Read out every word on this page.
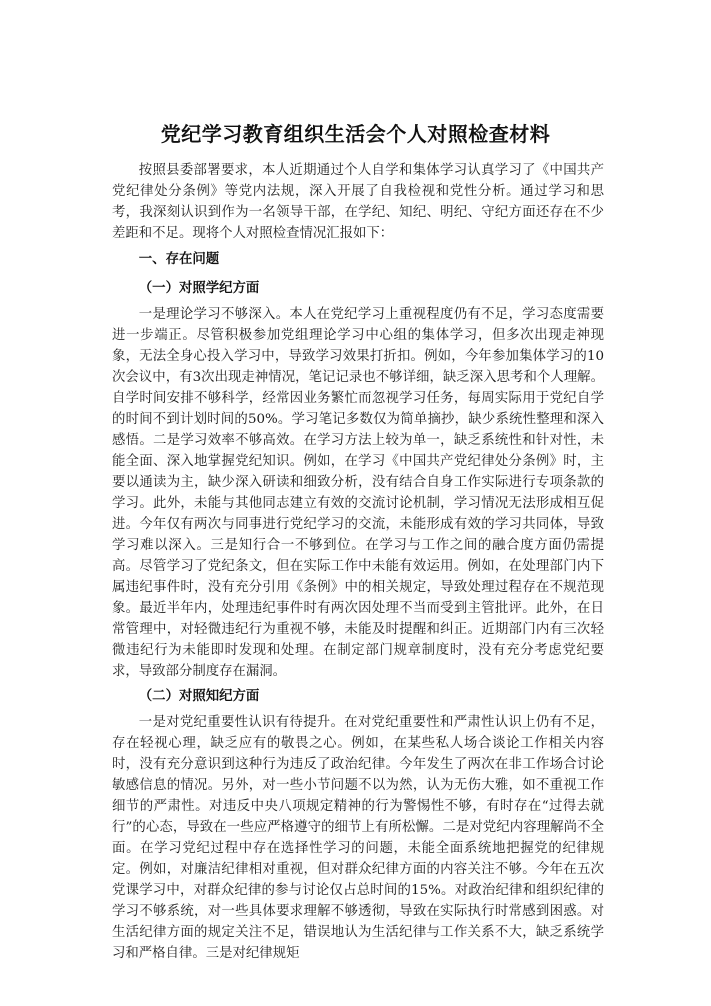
党纪学习教育组织生活会个人对照检查材料

按照县委部署要求，本人近期通过个人自学和集体学习认真学习了《中国共产党纪律处分条例》等党内法规，深入开展了自我检视和党性分析。通过学习和思考，我深刻认识到作为一名领导干部，在学纪、知纪、明纪、守纪方面还存在不少差距和不足。现将个人对照检查情况汇报如下：

一、存在问题

（一）对照学纪方面

一是理论学习不够深入。本人在党纪学习上重视程度仍有不足，学习态度需要进一步端正。尽管积极参加党组理论学习中心组的集体学习，但多次出现走神现象，无法全身心投入学习中，导致学习效果打折扣。例如，今年参加集体学习的10次会议中，有3次出现走神情况，笔记记录也不够详细，缺乏深入思考和个人理解。自学时间安排不够科学，经常因业务繁忙而忽视学习任务，每周实际用于党纪自学的时间不到计划时间的50%。学习笔记多数仅为简单摘抄，缺少系统性整理和深入感悟。二是学习效率不够高效。在学习方法上较为单一，缺乏系统性和针对性，未能全面、深入地掌握党纪知识。例如，在学习《中国共产党纪律处分条例》时，主要以通读为主，缺少深入研读和细致分析，没有结合自身工作实际进行专项条款的学习。此外，未能与其他同志建立有效的交流讨论机制，学习情况无法形成相互促进。今年仅有两次与同事进行党纪学习的交流，未能形成有效的学习共同体，导致学习难以深入。三是知行合一不够到位。在学习与工作之间的融合度方面仍需提高。尽管学习了党纪条文，但在实际工作中未能有效运用。例如，在处理部门内下属违纪事件时，没有充分引用《条例》中的相关规定，导致处理过程存在不规范现象。最近半年内，处理违纪事件时有两次因处理不当而受到主管批评。此外，在日常管理中，对轻微违纪行为重视不够，未能及时提醒和纠正。近期部门内有三次轻微违纪行为未能即时发现和处理。在制定部门规章制度时，没有充分考虑党纪要求，导致部分制度存在漏洞。

（二）对照知纪方面

一是对党纪重要性认识有待提升。在对党纪重要性和严肃性认识上仍有不足，存在轻视心理，缺乏应有的敬畏之心。例如，在某些私人场合谈论工作相关内容时，没有充分意识到这种行为违反了政治纪律。今年发生了两次在非工作场合讨论敏感信息的情况。另外，对一些小节问题不以为然，认为无伤大雅，如不重视工作细节的严肃性。对违反中央八项规定精神的行为警惕性不够，有时存在“过得去就行”的心态，导致在一些应严格遵守的细节上有所松懈。二是对党纪内容理解尚不全面。在学习党纪过程中存在选择性学习的问题，未能全面系统地把握党的纪律规定。例如，对廉洁纪律相对重视，但对群众纪律方面的内容关注不够。今年在五次党课学习中，对群众纪律的参与讨论仅占总时间的15%。对政治纪律和组织纪律的学习不够系统，对一些具体要求理解不够透彻，导致在实际执行时常感到困惑。对生活纪律方面的规定关注不足，错误地认为生活纪律与工作关系不大，缺乏系统学习和严格自律。三是对纪律规矩
